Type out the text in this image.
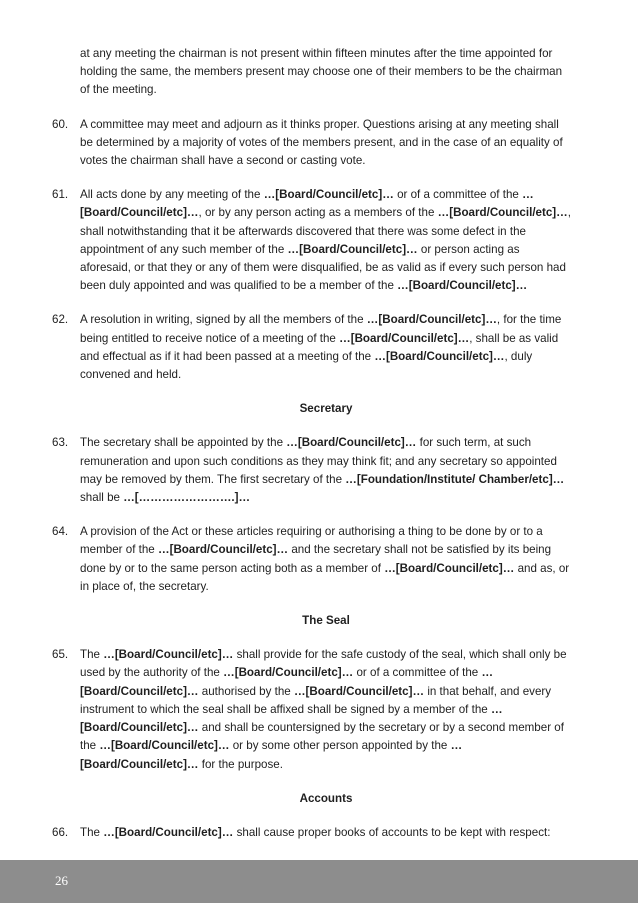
at any meeting the chairman is not present within fifteen minutes after the time appointed for holding the same, the members present may choose one of their members to be the chairman of the meeting.

60.	A committee may meet and adjourn as it thinks proper. Questions arising at any meeting shall be determined by a majority of votes of the members present, and in the case of an equality of votes the chairman shall have a second or casting vote.
61.	All acts done by any meeting of the …[Board/Council/etc]… or of a committee of the …[Board/Council/etc]…, or by any person acting as a members of the …[Board/Council/etc]…, shall notwithstanding that it be afterwards discovered that there was some defect in the appointment of any such member of the …[Board/Council/etc]… or person acting as aforesaid, or that they or any of them were disqualified, be as valid as if every such person had been duly appointed and was qualified to be a member of the …[Board/Council/etc]…
62.	A resolution in writing, signed by all the members of the …[Board/Council/etc]…, for the time being entitled to receive notice of a meeting of the …[Board/Council/etc]…, shall be as valid and effectual as if it had been passed at a meeting of the …[Board/Council/etc]…, duly convened and held.
Secretary
63.	The secretary shall be appointed by the …[Board/Council/etc]… for such term, at such remuneration and upon such conditions as they may think fit; and any secretary so appointed may be removed by them. The first secretary of the …[Foundation/Institute/ Chamber/etc]… shall be …[…………………….]…
64.	A provision of the Act or these articles requiring or authorising a thing to be done by or to a member of the …[Board/Council/etc]… and the secretary shall not be satisfied by its being done by or to the same person acting both as a member of …[Board/Council/etc]… and as, or in place of, the secretary.
The Seal
65.	The …[Board/Council/etc]… shall provide for the safe custody of the seal, which shall only be used by the authority of the …[Board/Council/etc]… or of a committee of the …[Board/Council/etc]… authorised by the …[Board/Council/etc]… in that behalf, and every instrument to which the seal shall be affixed shall be signed by a member of the …[Board/Council/etc]… and shall be countersigned by the secretary or by a second member of the …[Board/Council/etc]… or by some other person appointed by the …[Board/Council/etc]… for the purpose.
Accounts
66.	The …[Board/Council/etc]… shall cause proper books of accounts to be kept with respect:
26
